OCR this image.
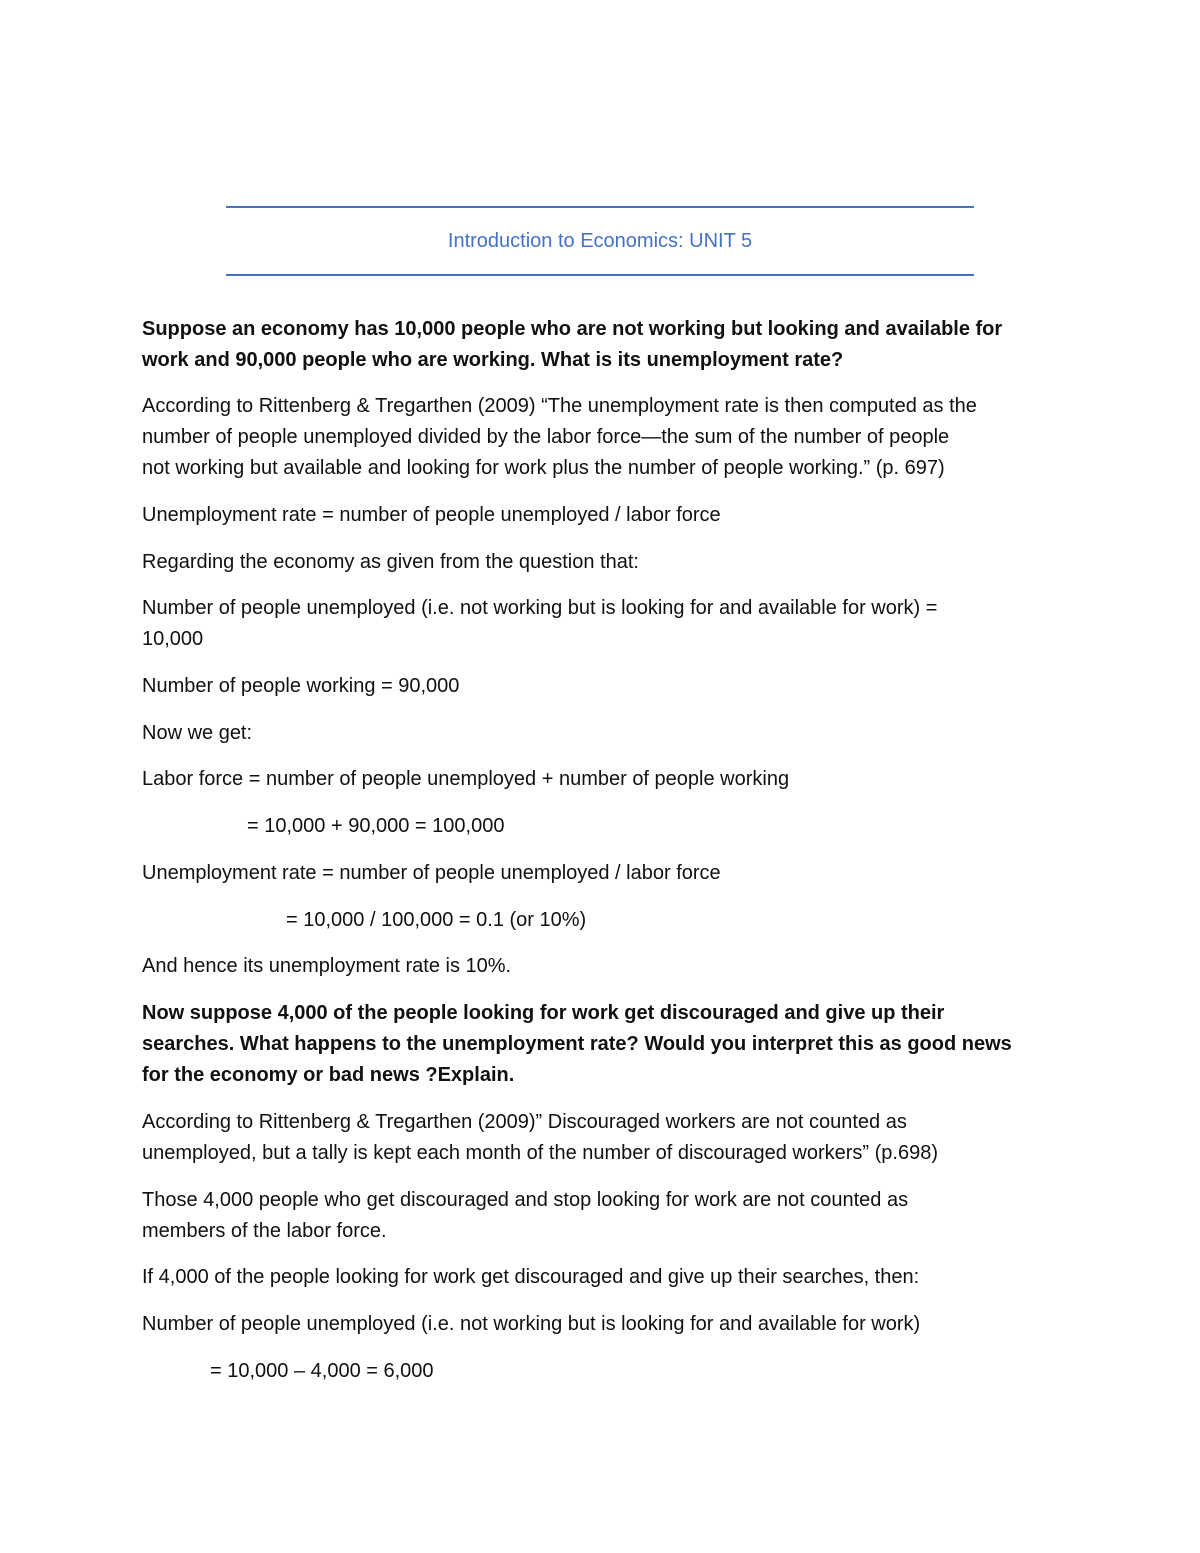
Introduction to Economics: UNIT 5

Suppose an economy has 10,000 people who are not working but looking and available for

work and 90,000 people who are working. What is its unemployment rate?

According to Rittenberg & Tregarthen (2009) “The unemployment rate is then computed as the

number of people unemployed divided by the labor force—the sum of the number of people

not working but available and looking for work plus the number of people working.” (p. 697)

Unemployment rate = number of people unemployed / labor force

Regarding the economy as given from the question that:

Number of people unemployed (i.e. not working but is looking for and available for work) =

10,000

Number of people working = 90,000

Now we get:

Labor force = number of people unemployed + number of people working

= 10,000 + 90,000 = 100,000

Unemployment rate = number of people unemployed / labor force

= 10,000 / 100,000 = 0.1 (or 10%)

And hence its unemployment rate is 10%.

Now suppose 4,000 of the people looking for work get discouraged and give up their

searches. What happens to the unemployment rate? Would you interpret this as good news

for the economy or bad news ?Explain.

According to Rittenberg & Tregarthen (2009)” Discouraged workers are not counted as

unemployed, but a tally is kept each month of the number of discouraged workers” (p.698)

Those 4,000 people who get discouraged and stop looking for work are not counted as

members of the labor force.

If 4,000 of the people looking for work get discouraged and give up their searches, then:

Number of people unemployed (i.e. not working but is looking for and available for work)

= 10,000 – 4,000 = 6,000
